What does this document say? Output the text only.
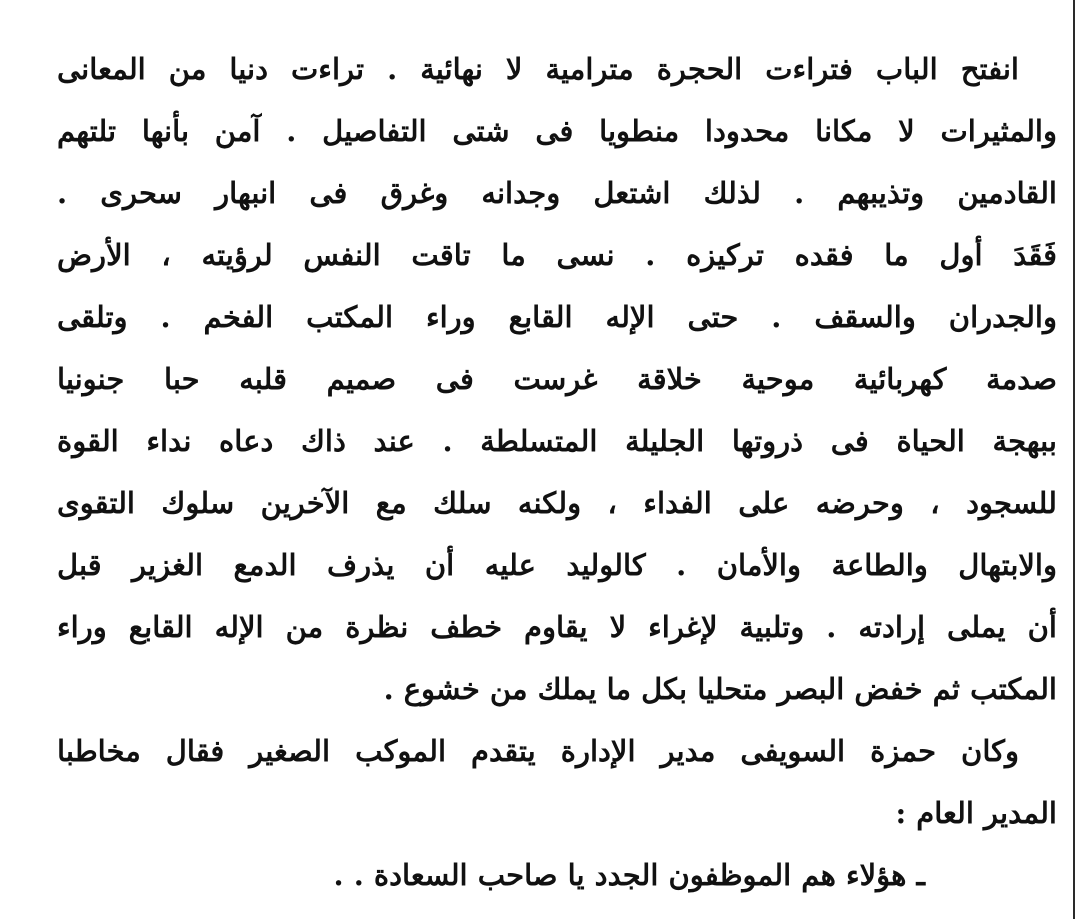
انفتح الباب فتراءت الحجرة مترامية لا نهائية . تراءت دنيا من المعانى
والمثيرات لا مكانا محدودا منطويا فى شتى التفاصيل . آمن بأنها تلتهم
القادمين وتذيبهم . لذلك اشتعل وجدانه وغرق فى انبهار سحرى .
فَقَدَ أول ما فقده تركيزه . نسى ما تاقت النفس لرؤيته ، الأرض
والجدران والسقف . حتى الإله القابع وراء المكتب الفخم . وتلقى
صدمة كهربائية موحية خلاقة غرست فى صميم قلبه حبا جنونيا
ببهجة الحياة فى ذروتها الجليلة المتسلطة . عند ذاك دعاه نداء القوة
للسجود ، وحرضه على الفداء ، ولكنه سلك مع الآخرين سلوك التقوى
والابتهال والطاعة والأمان . كالوليد عليه أن يذرف الدمع الغزير قبل
أن يملى إرادته . وتلبية لإغراء لا يقاوم خطف نظرة من الإله القابع وراء
المكتب ثم خفض البصر متحليا بكل ما يملك من خشوع .
وكان حمزة السويفى مدير الإدارة يتقدم الموكب الصغير فقال مخاطبا
المدير العام :
ـ هؤلاء هم الموظفون الجدد يا صاحب السعادة . .
